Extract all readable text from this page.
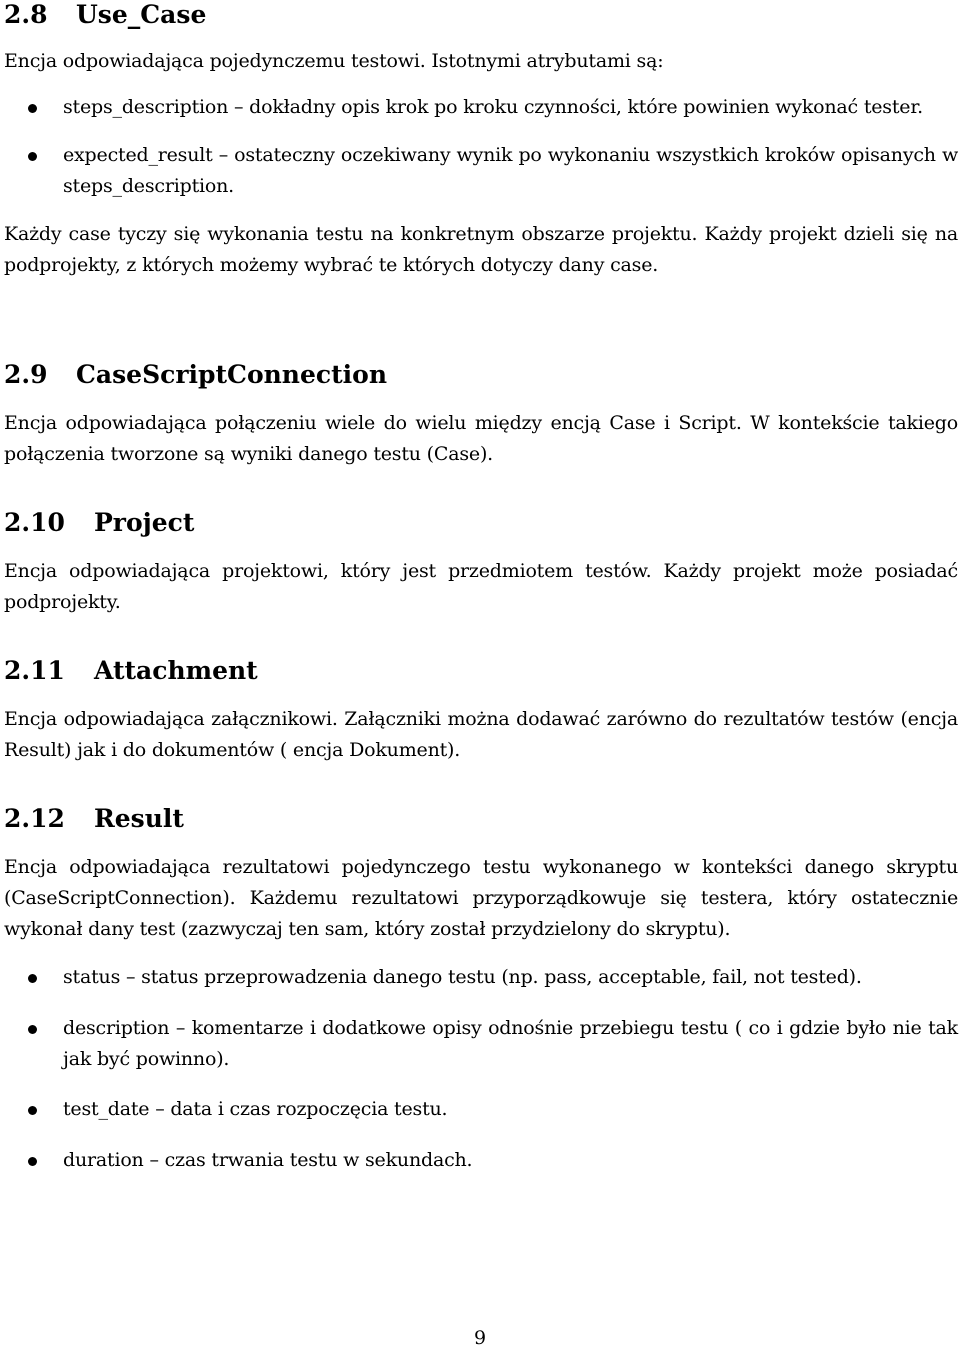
2.8 Use_Case

Encja odpowiadająca pojedynczemu testowi. Istotnymi atrybutami są:

steps_description – dokładny opis krok po kroku czynności, które powinien wykonać tester.
expected_result – ostateczny oczekiwany wynik po wykonaniu wszystkich kroków opisanych w steps_description.

Każdy case tyczy się wykonania testu na konkretnym obszarze projektu. Każdy projekt dzieli się na podprojekty, z których możemy wybrać te których dotyczy dany case.

2.9 CaseScriptConnection

Encja odpowiadająca połączeniu wiele do wielu między encją Case i Script. W kontekście takiego połączenia tworzone są wyniki danego testu (Case).

2.10 Project

Encja odpowiadająca projektowi, który jest przedmiotem testów. Każdy projekt może posiadać podprojekty.

2.11 Attachment

Encja odpowiadająca załącznikowi. Załączniki można dodawać zarówno do rezultatów testów (encja Result) jak i do dokumentów ( encja Dokument).

2.12 Result

Encja odpowiadająca rezultatowi pojedynczego testu wykonanego w kontekści danego skryptu (CaseScriptConnection). Każdemu rezultatowi przyporządkowuje się testera, który ostatecznie wykonał dany test (zazwyczaj ten sam, który został przydzielony do skryptu).

status – status przeprowadzenia danego testu (np. pass, acceptable, fail, not tested).
description – komentarze i dodatkowe opisy odnośnie przebiegu testu ( co i gdzie było nie tak jak być powinno).
test_date – data i czas rozpoczęcia testu.
duration – czas trwania testu w sekundach.
9
